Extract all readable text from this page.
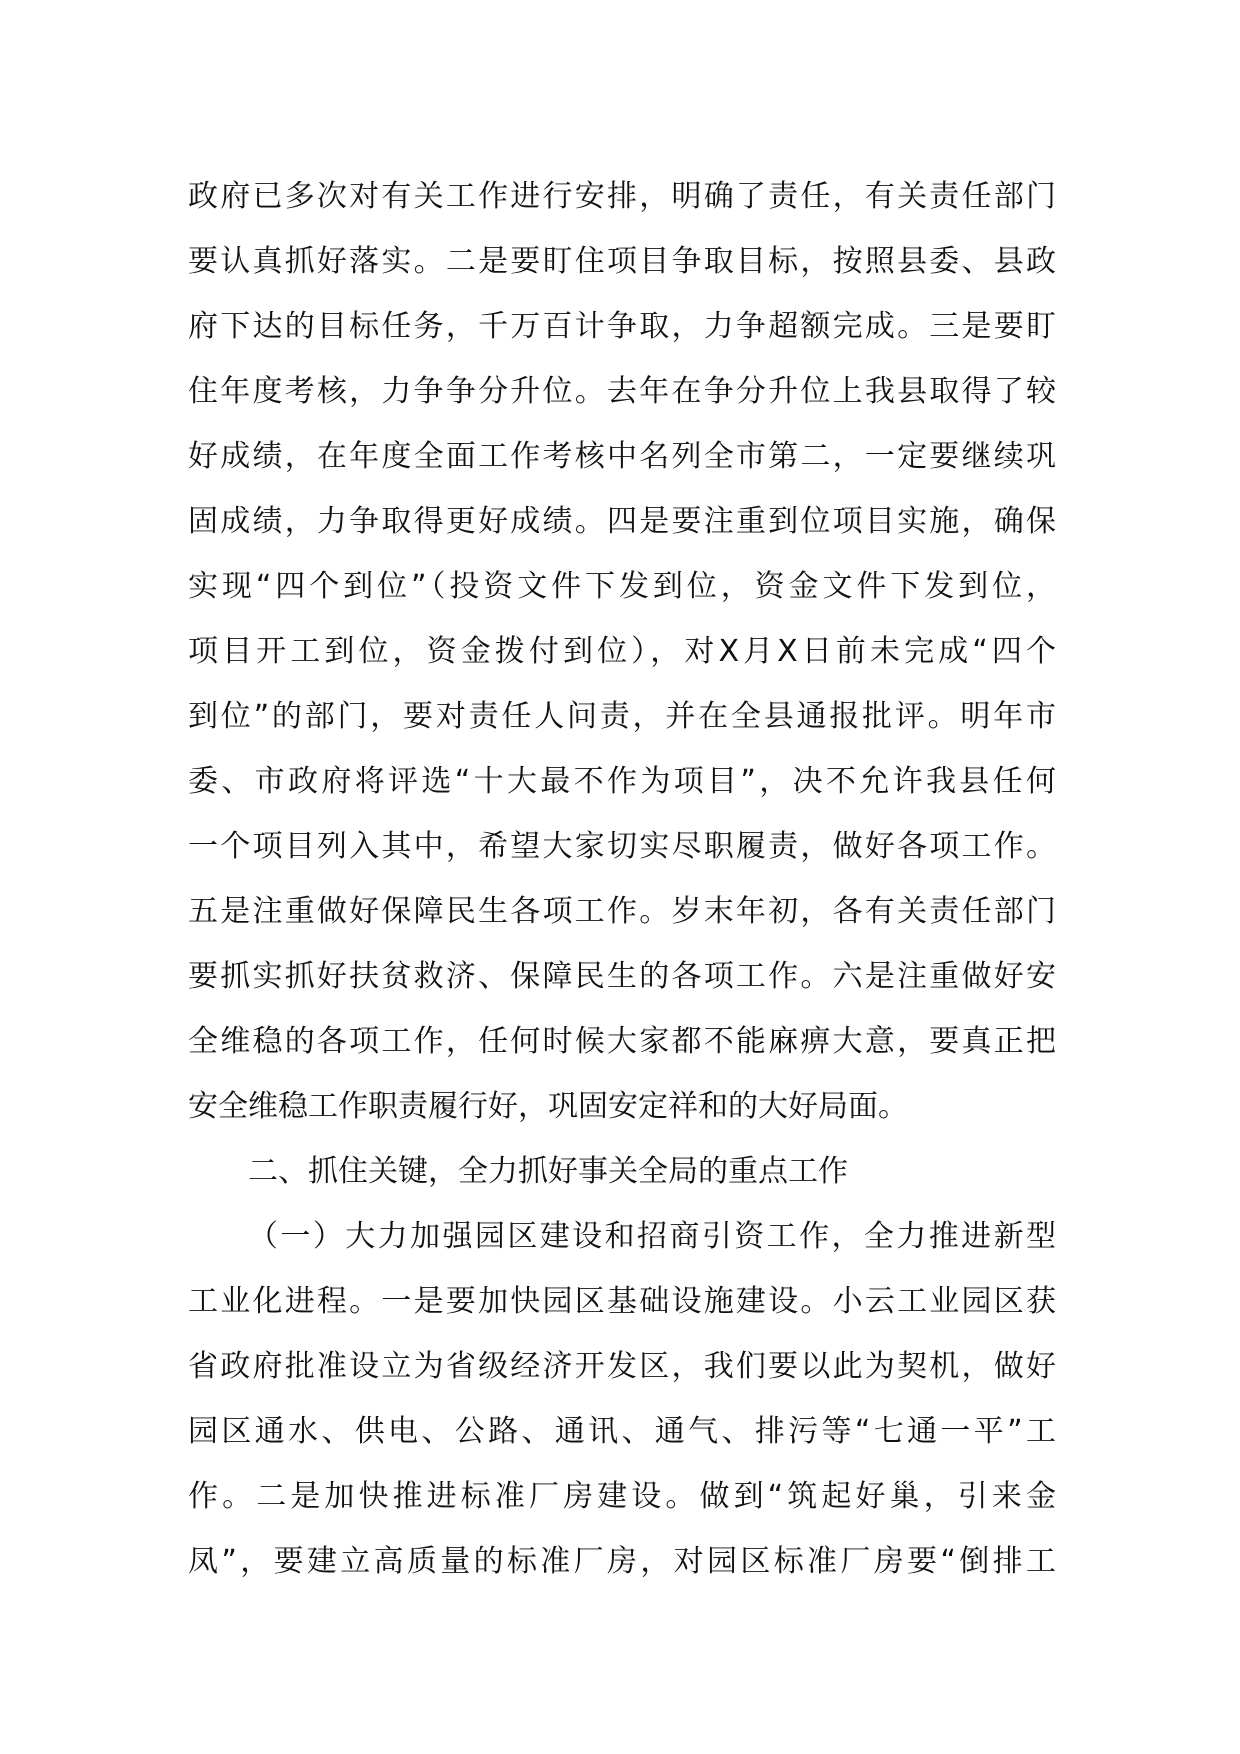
政府已多次对有关工作进行安排，明确了责任，有关责任部门
要认真抓好落实。二是要盯住项目争取目标，按照县委、县政
府下达的目标任务，千万百计争取，力争超额完成。三是要盯
住年度考核，力争争分升位。去年在争分升位上我县取得了较
好成绩，在年度全面工作考核中名列全市第二，一定要继续巩
固成绩，力争取得更好成绩。四是要注重到位项目实施，确保
实现“四个到位”（投资文件下发到位，资金文件下发到位，
项目开工到位，资金拨付到位），对X月X日前未完成“四个
到位”的部门，要对责任人问责，并在全县通报批评。明年市
委、市政府将评选“十大最不作为项目”，决不允许我县任何
一个项目列入其中，希望大家切实尽职履责，做好各项工作。
五是注重做好保障民生各项工作。岁末年初，各有关责任部门
要抓实抓好扶贫救济、保障民生的各项工作。六是注重做好安
全维稳的各项工作，任何时候大家都不能麻痹大意，要真正把
安全维稳工作职责履行好，巩固安定祥和的大好局面。
二、抓住关键，全力抓好事关全局的重点工作
（一）大力加强园区建设和招商引资工作，全力推进新型
工业化进程。一是要加快园区基础设施建设。小云工业园区获
省政府批准设立为省级经济开发区，我们要以此为契机，做好
园区通水、供电、公路、通讯、通气、排污等“七通一平”工
作。二是加快推进标准厂房建设。做到“筑起好巢，引来金
凤”，要建立高质量的标准厂房，对园区标准厂房要“倒排工
